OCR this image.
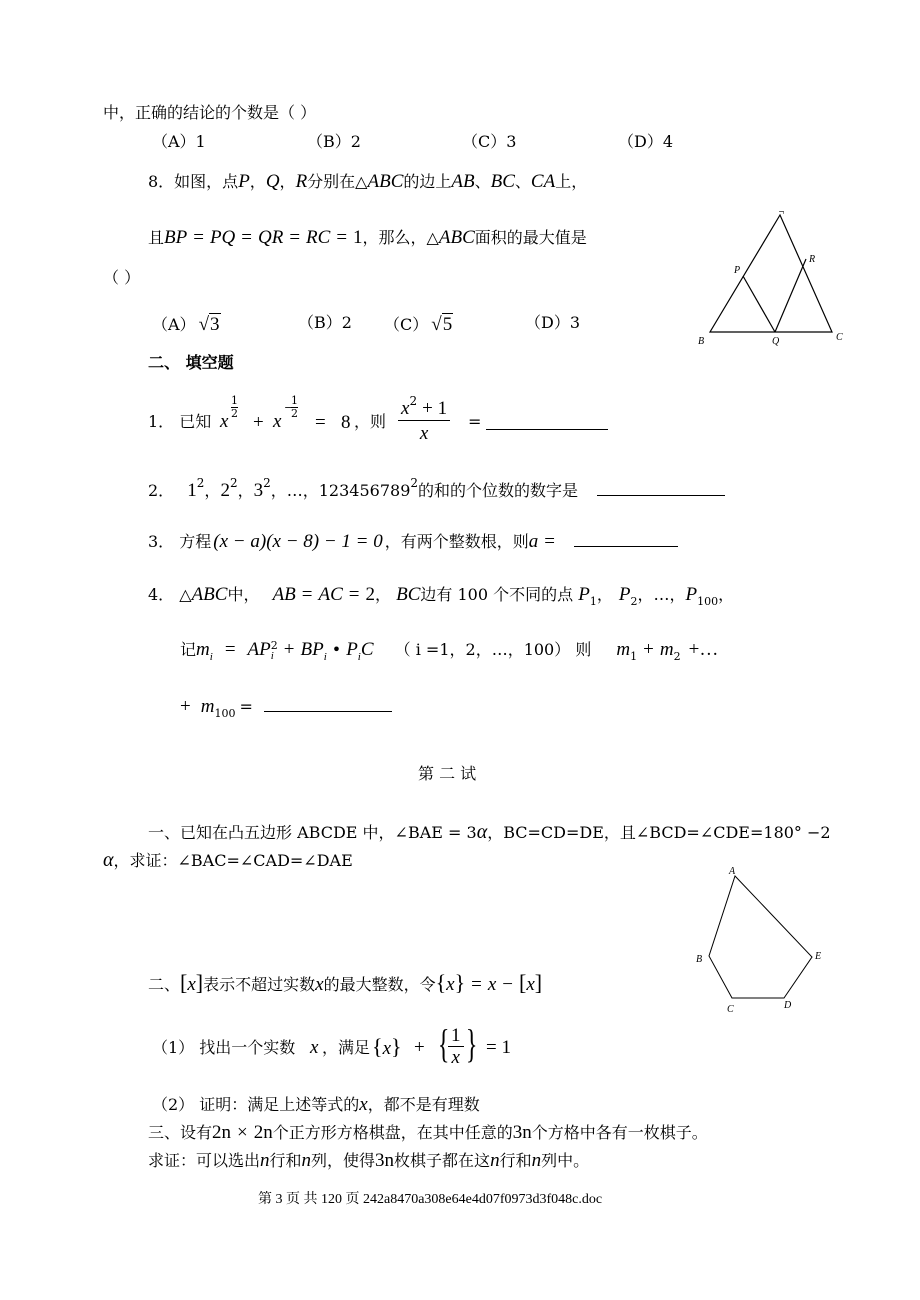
中，正确的结论的个数是（ ）
（A）1	（B）2	（C）3	（D）4
8．如图，点P，Q，R分别在△ABC的边上AB、BC、CA上，
且BP = PQ = QR = RC = 1，那么，△ABC面积的最大值是
（ ）
（A） √3	（B）2 （C） √5	（D）3
¬
B	Q	C
P
R
二、 填空题
1． 已知 x
1
2 + x
−
1
2 = 8 ，则
$x^2 + 1$
x
=
2． $1^2$，$2^2$，$3^2$，…，123456789$^2$的和的个位数的数字是
3． 方程 (x − a)(x − 8) − 1 = 0 ，有两个整数根，则a =
4． △ABC中， AB = AC = 2， BC边有 100 个不同的点 $P_1$， $P_2$，…，$P_{100}$，
记$m_i$ = AP 2
$i + BP_i$ • $P_iC$ （ i =1，2，…，100） 则 $m_1 + m_2$ +…
+ $m_{100}$ =
第 二 试
一、已知在凸五边形 ABCDE 中，∠BAE = 3α，BC=CD=DE，且∠BCD=∠CDE=180° −2
α，求证：∠BAC=∠CAD=∠DAE
A
B
C	D
E
二、[x]表示不超过实数x的最大整数，令{x} = x − [x]
（1） 找出一个实数 x ，满足 {x} + { 1
x } = 1
（2） 证明：满足上述等式的x，都不是有理数
三、设有2n × 2n个正方形方格棋盘，在其中任意的3n个方格中各有一枚棋子。
求证：可以选出n行和n列，使得3n枚棋子都在这n行和n列中。
第 3 页 共 120 页 242a8470a308e64e4d07f0973d3f048c.doc
